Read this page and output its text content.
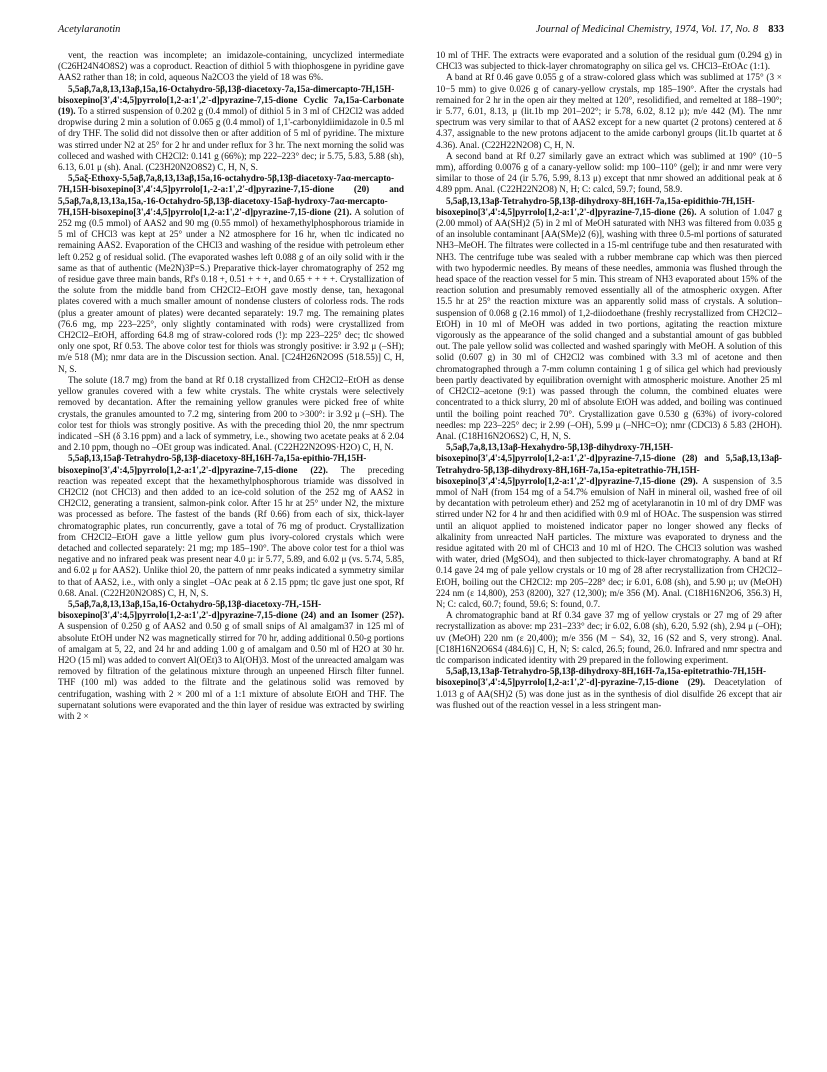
Acetylaranotin	Journal of Medicinal Chemistry, 1974, Vol. 17, No. 8 833

vent, the reaction was incomplete; an imidazole-containing, uncyclized intermediate (C26H24N4O8S2) was a coproduct. Reaction of dithiol 5 with thiophosgene in pyridine gave AAS2 rather than 18; in cold, aqueous Na2CO3 the yield of 18 was 6%.

5,5aβ,7a,8,13,13aβ,15a,16-Octahydro-5β,13β-diacetoxy-7a,15a-dimercapto-7H,15H-bisoxepino[3',4':4,5]pyrrolo[1,2-a:1',2'-d]pyrazine-7,15-dione Cyclic 7a,15a-Carbonate (19). To a stirred suspension of 0.202 g (0.4 mmol) of dithiol 5 in 3 ml of CH2Cl2 was added dropwise during 2 min a solution of 0.065 g (0.4 mmol) of 1,1'-carbonyldiimidazole in 0.5 ml of dry THF. The solid did not dissolve then or after addition of 5 ml of pyridine. The mixture was stirred under N2 at 25° for 2 hr and under reflux for 3 hr. The next morning the solid was colleced and washed with CH2Cl2: 0.141 g (66%); mp 222–223° dec; ir 5.75, 5.83, 5.88 (sh), 6.13, 6.01 μ (sh). Anal. (C23H20N2O8S2) C, H, N, S.

5,5aξ-Ethoxy-5,5aβ,7a,8,13,13aβ,15a,16-octahydro-5β,13β-diacetoxy-7aα-mercapto-7H,15H-bisoxepino[3',4':4,5]pyrrolo[1,-2-a:1',2'-d]pyrazine-7,15-dione (20) and 5,5aβ,7a,8,13,13a,15a,-16-Octahydro-5β,13β-diacetoxy-15aβ-hydroxy-7aα-mercapto-7H,15H-bisoxepino[3',4':4,5]pyrrolo[1,2-a:1',2'-d]pyrazine-7,15-dione (21). A solution of 252 mg (0.5 mmol) of AAS2 and 90 mg (0.55 mmol) of hexamethylphosphorous triamide in 5 ml of CHCl3 was kept at 25° under a N2 atmosphere for 16 hr, when tlc indicated no remaining AAS2. Evaporation of the CHCl3 and washing of the residue with petroleum ether left 0.252 g of residual solid. (The evaporated washes left 0.088 g of an oily solid with ir the same as that of authentic (Me2N)3P=S.) Preparative thick-layer chromatography of 252 mg of residue gave three main bands, Rf's 0.18 +, 0.51 + + +, and 0.65 + + + +. Crystallization of the solute from the middle band from CH2Cl2–EtOH gave mostly dense, tan, hexagonal plates covered with a much smaller amount of nondense clusters of colorless rods. The rods (plus a greater amount of plates) were decanted separately: 19.7 mg. The remaining plates (76.6 mg, mp 223–225°, only slightly contaminated with rods) were crystallized from CH2Cl2–EtOH, affording 64.8 mg of straw-colored rods (!): mp 223–225° dec; tlc showed only one spot, Rf 0.53. The above color test for thiols was strongly positive: ir 3.92 μ (–SH); m/e 518 (M); nmr data are in the Discussion section. Anal. [C24H26N2O9S (518.55)] C, H, N, S.

The solute (18.7 mg) from the band at Rf 0.18 crystallized from CH2Cl2–EtOH as dense yellow granules covered with a few white crystals. The white crystals were selectively removed by decantation. After the remaining yellow granules were picked free of white crystals, the granules amounted to 7.2 mg, sintering from 200 to >300°: ir 3.92 μ (–SH). The color test for thiols was strongly positive. As with the preceding thiol 20, the nmr spectrum indicated –SH (δ 3.16 ppm) and a lack of symmetry, i.e., showing two acetate peaks at δ 2.04 and 2.10 ppm, though no –OEt group was indicated. Anal. (C22H22N2O9S·H2O) C, H, N.

5,5aβ,13,15aβ-Tetrahydro-5β,13β-diacetoxy-8H,16H-7a,15a-epithio-7H,15H-bisoxepino[3',4':4,5]pyrrolo[1,2-a:1',2'-d]pyrazine-7,15-dione (22). The preceding reaction was repeated except that the hexamethylphosphorous triamide was dissolved in CH2Cl2 (not CHCl3) and then added to an ice-cold solution of the 252 mg of AAS2 in CH2Cl2, generating a transient, salmon-pink color. After 15 hr at 25° under N2, the mixture was processed as before. The fastest of the bands (Rf 0.66) from each of six, thick-layer chromatographic plates, run concurrently, gave a total of 76 mg of product. Crystallization from CH2Cl2–EtOH gave a little yellow gum plus ivory-colored crystals which were detached and collected separately: 21 mg; mp 185–190°. The above color test for a thiol was negative and no infrared peak was present near 4.0 μ: ir 5.77, 5.89, and 6.02 μ (vs. 5.74, 5.85, and 6.02 μ for AAS2). Unlike thiol 20, the pattern of nmr peaks indicated a symmetry similar to that of AAS2, i.e., with only a singlet –OAc peak at δ 2.15 ppm; tlc gave just one spot, Rf 0.68. Anal. (C22H20N2O8S) C, H, N, S.

5,5aβ,7a,8,13,13aβ,15a,16-Octahydro-5β,13β-diacetoxy-7H,-15H-bisoxepino[3',4':4,5]pyrrolo[1,2-a:1',2'-d]pyrazine-7,15-dione (24) and an Isomer (25?). A suspension of 0.250 g of AAS2 and 0.50 g of small snips of Al amalgam37 in 125 ml of absolute EtOH under N2 was magnetically stirred for 70 hr, adding additional 0.50-g portions of amalgam at 5, 22, and 24 hr and adding 1.00 g of amalgam and 0.50 ml of H2O at 30 hr. H2O (15 ml) was added to convert Al(OEt)3 to Al(OH)3. Most of the unreacted amalgam was removed by filtration of the gelatinous mixture through an unpeened Hirsch filter funnel. THF (100 ml) was added to the filtrate and the gelatinous solid was removed by centrifugation, washing with 2 × 200 ml of a 1:1 mixture of absolute EtOH and THF. The supernatant solutions were evaporated and the thin layer of residue was extracted by swirling with 2 ×

10 ml of THF. The extracts were evaporated and a solution of the residual gum (0.294 g) in CHCl3 was subjected to thick-layer chromatography on silica gel vs. CHCl3–EtOAc (1:1).

A band at Rf 0.46 gave 0.055 g of a straw-colored glass which was sublimed at 175° (3 × 10−5 mm) to give 0.026 g of canary-yellow crystals, mp 185–190°. After the crystals had remained for 2 hr in the open air they melted at 120°, resolidified, and remelted at 188–190°; ir 5.77, 6.01, 8.13, μ (lit.1b mp 201–202°; ir 5.78, 6.02, 8.12 μ); m/e 442 (M). The nmr spectrum was very similar to that of AAS2 except for a new quartet (2 protons) centered at δ 4.37, assignable to the new protons adjacent to the amide carbonyl groups (lit.1b quartet at δ 4.36). Anal. (C22H22N2O8) C, H, N.

A second band at Rf 0.27 similarly gave an extract which was sublimed at 190° (10−5 mm), affording 0.0076 g of a canary-yellow solid: mp 100–110° (gel); ir and nmr were very similar to those of 24 (ir 5.76, 5.99, 8.13 μ) except that nmr showed an additional peak at δ 4.89 ppm. Anal. (C22H22N2O8) N, H; C: calcd, 59.7; found, 58.9.

5,5aβ,13,13aβ-Tetrahydro-5β,13β-dihydroxy-8H,16H-7a,15a-epidithio-7H,15H-bisoxepino[3',4':4,5]pyrrolo[1,2-a:1',2'-d]pyrazine-7,15-dione (26). A solution of 1.047 g (2.00 mmol) of AA(SH)2 (5) in 2 ml of MeOH saturated with NH3 was filtered from 0.035 g of an insoluble contaminant [AA(SMe)2 (6)], washing with three 0.5-ml portions of saturated NH3–MeOH. The filtrates were collected in a 15-ml centrifuge tube and then resaturated with NH3. The centrifuge tube was sealed with a rubber membrane cap which was then pierced with two hypodermic needles. By means of these needles, ammonia was flushed through the head space of the reaction vessel for 5 min. This stream of NH3 evaporated about 15% of the reaction solution and presumably removed essentially all of the atmospheric oxygen. After 15.5 hr at 25° the reaction mixture was an apparently solid mass of crystals. A solution–suspension of 0.068 g (2.16 mmol) of 1,2-diiodoethane (freshly recrystallized from CH2Cl2–EtOH) in 10 ml of MeOH was added in two portions, agitating the reaction mixture vigorously as the appearance of the solid changed and a substantial amount of gas bubbled out. The pale yellow solid was collected and washed sparingly with MeOH. A solution of this solid (0.607 g) in 30 ml of CH2Cl2 was combined with 3.3 ml of acetone and then chromatographed through a 7-mm column containing 1 g of silica gel which had previously been partly deactivated by equilibration overnight with atmospheric moisture. Another 25 ml of CH2Cl2–acetone (9:1) was passed through the column, the combined eluates were concentrated to a thick slurry, 20 ml of absolute EtOH was added, and boiling was continued until the boiling point reached 70°. Crystallization gave 0.530 g (63%) of ivory-colored needles: mp 223–225° dec; ir 2.99 (–OH), 5.99 μ (–NHC=O); nmr (CDCl3) δ 5.83 (2HOH). Anal. (C18H16N2O6S2) C, H, N, S.

5,5aβ,7a,8,13,13aβ-Hexahydro-5β,13β-dihydroxy-7H,15H-bisoxepino[3',4':4,5]pyrrolo[1,2-a:1',2'-d]pyrazine-7,15-dione (28) and 5,5aβ,13,13aβ-Tetrahydro-5β,13β-dihydroxy-8H,16H-7a,15a-epitetrathio-7H,15H-bisoxepino[3',4':4,5]pyrrolo[1,2-a:1',2'-d]pyrazine-7,15-dione (29). A suspension of 3.5 mmol of NaH (from 154 mg of a 54.7% emulsion of NaH in mineral oil, washed free of oil by decantation with petroleum ether) and 252 mg of acetylaranotin in 10 ml of dry DMF was stirred under N2 for 4 hr and then acidified with 0.9 ml of HOAc. The suspension was stirred until an aliquot applied to moistened indicator paper no longer showed any flecks of alkalinity from unreacted NaH particles. The mixture was evaporated to dryness and the residue agitated with 20 ml of CHCl3 and 10 ml of H2O. The CHCl3 solution was washed with water, dried (MgSO4), and then subjected to thick-layer chromatography. A band at Rf 0.14 gave 24 mg of pale yellow crystals or 10 mg of 28 after recrystallization from CH2Cl2–EtOH, boiling out the CH2Cl2: mp 205–228° dec; ir 6.01, 6.08 (sh), and 5.90 μ; uv (MeOH) 224 nm (ε 14,800), 253 (8200), 327 (12,300); m/e 356 (M). Anal. (C18H16N2O6, 356.3) H, N; C: calcd, 60.7; found, 59.6; S: found, 0.7.

A chromatographic band at Rf 0.34 gave 37 mg of yellow crystals or 27 mg of 29 after recrystallization as above: mp 231–233° dec; ir 6.02, 6.08 (sh), 6.20, 5.92 (sh), 2.94 μ (–OH); uv (MeOH) 220 nm (ε 20,400); m/e 356 (M − S4), 32, 16 (S2 and S, very strong). Anal. [C18H16N2O6S4 (484.6)] C, H, N; S: calcd, 26.5; found, 26.0. Infrared and nmr spectra and tlc comparison indicated identity with 29 prepared in the following experiment.

5,5aβ,13,13aβ-Tetrahydro-5β,13β-dihydroxy-8H,16H-7a,15a-epitetrathio-7H,15H-bisoxepino[3',4':4,5]pyrrolo[1,2-a:1',2'-d]-pyrazine-7,15-dione (29). Deacetylation of 1.013 g of AA(SH)2 (5) was done just as in the synthesis of diol disulfide 26 except that air was flushed out of the reaction vessel in a less stringent man-
